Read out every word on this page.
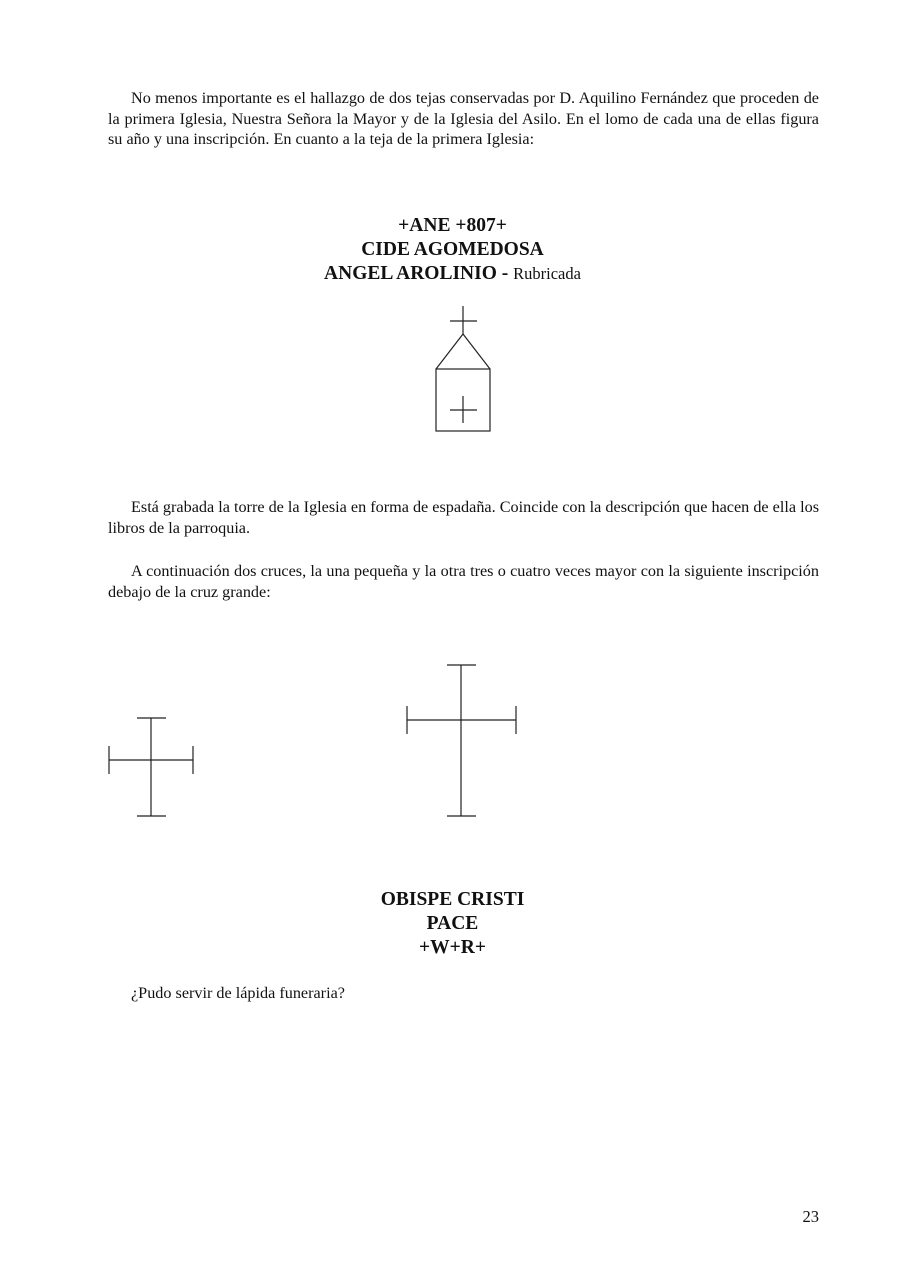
No menos importante es el hallazgo de dos tejas conservadas por D. Aquilino Fernández que proceden de la primera Iglesia, Nuestra Señora la Mayor y de la Iglesia del Asilo. En el lomo de cada una de ellas figura su año y una inscripción. En cuanto a la teja de la primera Iglesia:

+ANE +807+
CIDE AGOMEDOSA
ANGEL AROLINIO - Rubricada

Está grabada la torre de la Iglesia en forma de espadaña. Coincide con la descripción que hacen de ella los libros de la parroquia.

A continuación dos cruces, la una pequeña y la otra tres o cuatro veces mayor con la siguiente inscripción debajo de la cruz grande:

OBISPE CRISTI
PACE
+W+R+

¿Pudo servir de lápida funeraria?

23
